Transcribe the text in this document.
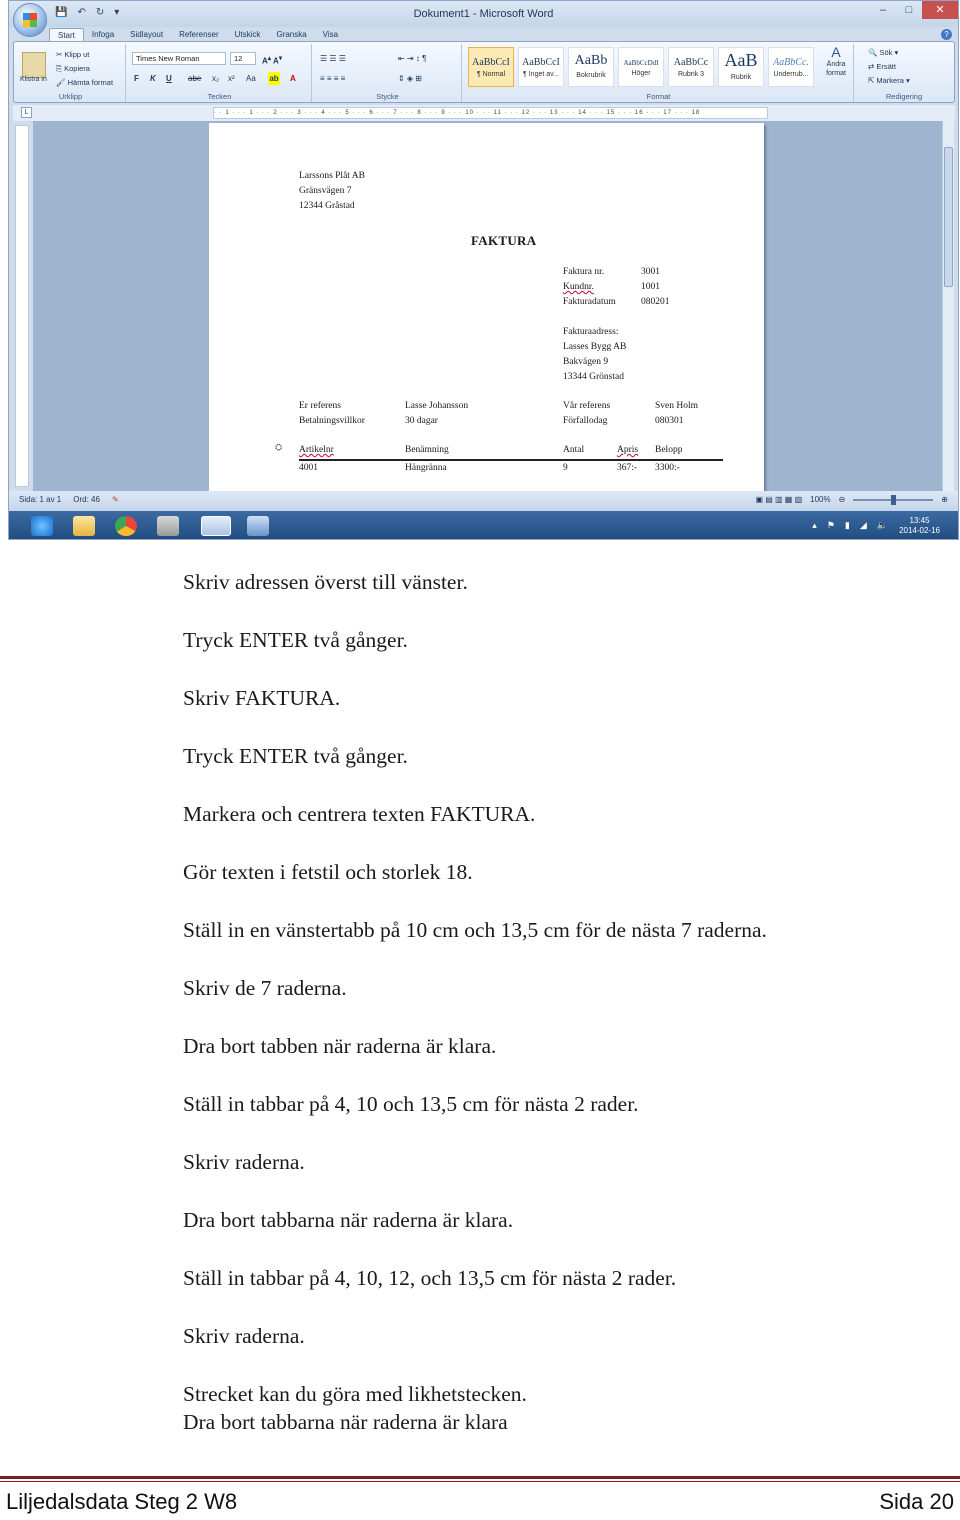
💾 ↶ ↻ ▾	Dokument1 - Microsoft Word	–	□	✕
Start	Infoga	Sidlayout	Referenser	Utskick	Granska	Visa	?
Klistra in
✂ Klipp ut
⎘ Kopiera
🖌 Hämta format
Urklipp
Times New Roman	12	A▴ A▾
F K U abe x₂ x² Aa ab A
Tecken
☰ ☰ ☰	⇤ ⇥ ↕ ¶
≡ ≡ ≡ ≡	⇕ ◈ ⊞
Stycke
AaBbCcI
¶ Normal
AaBbCcI
¶ Inget av...
AaBb
Bokrubrik
AaBbCcDdI
Höger
AaBbCc
Rubrik 3
AaB
Rubrik
AaBbCc.
Underrub...
A
Ändra format
Format
🔍 Sök ▾
⇄ Ersätt
⇱ Markera ▾
Redigering
L	· · 1 · · · 1 · · · 2 · · · 3 · · · 4 · · · 5 · · · 6 · · · 7 · · · 8 · · · 9 · · · 10 · · · 11 · · · 12 · · · 13 · · · 14 · · · 15 · · · 16 · · · 17 · · · 18
Larssons Plåt AB
Gränsvägen 7
12344 Gråstad
FAKTURA
Faktura nr.	3001
Kundnr.	1001
Fakturadatum	080201
Fakturaadress:
Lasses Bygg AB
Bakvägen 9
13344 Grönstad
Er referens	Lasse Johansson	Vår referens	Sven Holm
Betalningsvillkor	30 dagar	Förfallodag	080301
⛭ Artikelnr	Benämning	Antal	Apris Belopp
4001	Hängränna	9	367:- 3300:-
Sida: 1 av 1 Ord: 46 ✎	▣ ▤ ▥ ▦ ▧ 100% ⊖	⊕
▴ ⚑ ▮ ◢ 🔈	13:45
2014-02-16
Skriv adressen överst till vänster.
Tryck ENTER två gånger.
Skriv FAKTURA.
Tryck ENTER två gånger.
Markera och centrera texten FAKTURA.
Gör texten i fetstil och storlek 18.
Ställ in en vänstertabb på 10 cm och 13,5 cm för de nästa 7 raderna.
Skriv de 7 raderna.
Dra bort tabben när raderna är klara.
Ställ in tabbar på 4, 10 och 13,5 cm för nästa 2 rader.
Skriv raderna.
Dra bort tabbarna när raderna är klara.
Ställ in tabbar på 4, 10, 12, och 13,5 cm för nästa 2 rader.
Skriv raderna.
Strecket kan du göra med likhetstecken.
Dra bort tabbarna när raderna är klara
Liljedalsdata Steg 2 W8	Sida 20
